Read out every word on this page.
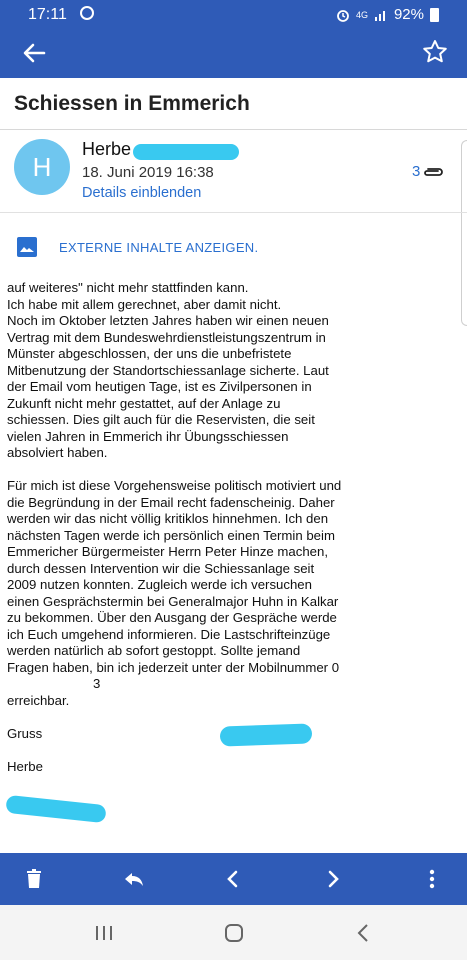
17:11	4G 92%
Schiessen in Emmerich
H
Herbe
18. Juni 2019 16:38
Details einblenden
3
EXTERNE INHALTE ANZEIGEN.

auf weiteres" nicht mehr stattfinden kann.
Ich habe mit allem gerechnet, aber damit nicht.
Noch im Oktober letzten Jahres haben wir einen neuen Vertrag mit dem Bundeswehrdienstleistungszentrum in Münster abgeschlossen, der uns die unbefristete Mitbenutzung der Standortschiessanlage sicherte. Laut der Email vom heutigen Tage, ist es Zivilpersonen in Zukunft nicht mehr gestattet, auf der Anlage zu schiessen. Dies gilt auch für die Reservisten, die seit vielen Jahren in Emmerich ihr Übungsschiessen absolviert haben.

Für mich ist diese Vorgehensweise politisch motiviert und die Begründung in der Email recht fadenscheinig. Daher werden wir das nicht völlig kritiklos hinnehmen. Ich den nächsten Tagen werde ich persönlich einen Termin beim Emmericher Bürgermeister Herrn Peter Hinze machen, durch dessen Intervention wir die Schiessanlage seit 2009 nutzen konnten. Zugleich werde ich versuchen einen Gesprächstermin bei Generalmajor Huhn in Kalkar zu bekommen. Über den Ausgang der Gespräche werde ich Euch umgehend informieren. Die Lastschrifteinzüge werden natürlich ab sofort gestoppt. Sollte jemand Fragen haben, bin ich jederzeit unter der Mobilnummer 03
erreichbar.

Gruss

Herbe
